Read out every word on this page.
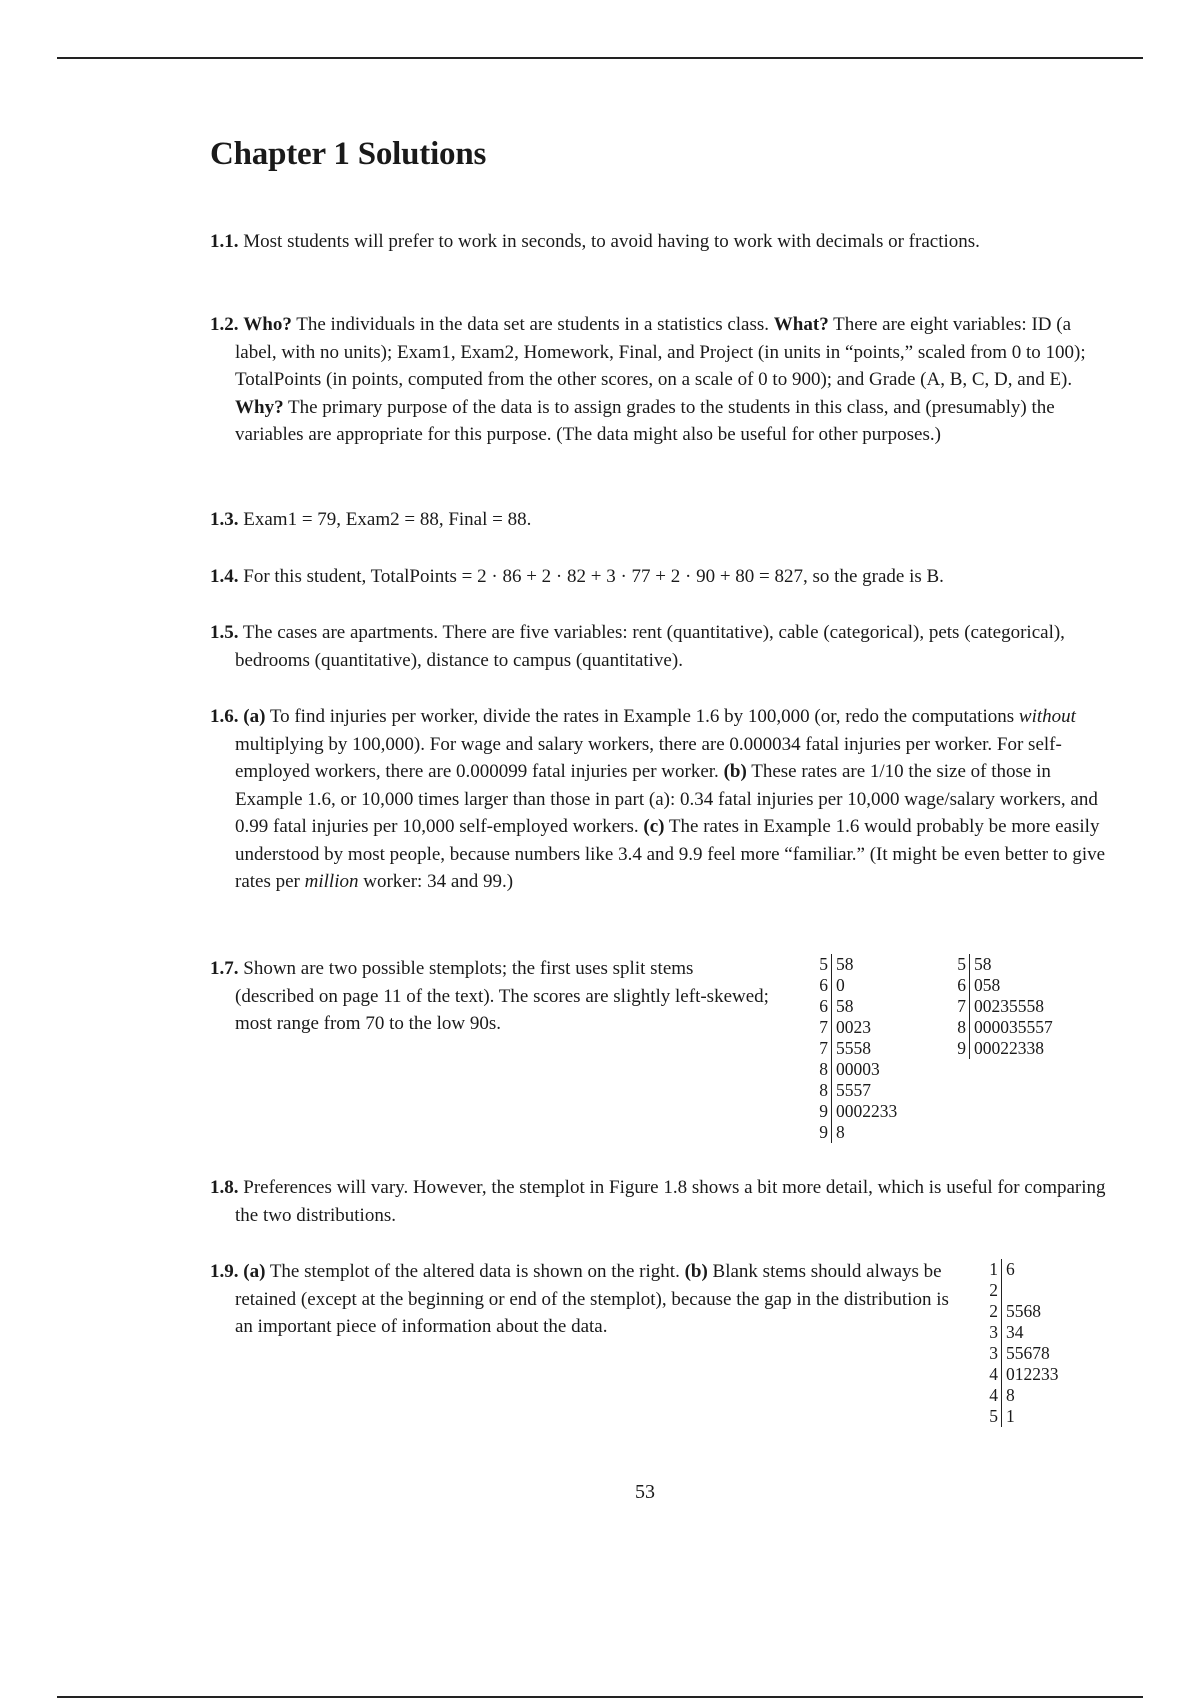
Chapter 1 Solutions

1.1. Most students will prefer to work in seconds, to avoid having to work with decimals or fractions.

1.2. Who? The individuals in the data set are students in a statistics class. What? There are eight variables: ID (a label, with no units); Exam1, Exam2, Homework, Final, and Project (in units in “points,” scaled from 0 to 100); TotalPoints (in points, computed from the other scores, on a scale of 0 to 900); and Grade (A, B, C, D, and E). Why? The primary purpose of the data is to assign grades to the students in this class, and (presumably) the variables are appropriate for this purpose. (The data might also be useful for other purposes.)

1.3. Exam1 = 79, Exam2 = 88, Final = 88.

1.4. For this student, TotalPoints = 2 · 86 + 2 · 82 + 3 · 77 + 2 · 90 + 80 = 827, so the grade is B.

1.5. The cases are apartments. There are five variables: rent (quantitative), cable (categorical), pets (categorical), bedrooms (quantitative), distance to campus (quantitative).

1.6. (a) To find injuries per worker, divide the rates in Example 1.6 by 100,000 (or, redo the computations without multiplying by 100,000). For wage and salary workers, there are 0.000034 fatal injuries per worker. For self-employed workers, there are 0.000099 fatal injuries per worker. (b) These rates are 1/10 the size of those in Example 1.6, or 10,000 times larger than those in part (a): 0.34 fatal injuries per 10,000 wage/salary workers, and 0.99 fatal injuries per 10,000 self-employed workers. (c) The rates in Example 1.6 would probably be more easily understood by most people, because numbers like 3.4 and 9.9 feel more “familiar.” (It might be even better to give rates per million worker: 34 and 99.)

1.7. Shown are two possible stemplots; the first uses split stems (described on page 11 of the text). The scores are slightly left-skewed; most range from 70 to the low 90s.

5 58
6 0
6 58
7 0023
7 5558
8 00003
8 5557
9 0002233
9 8
5 58
6 058
7 00235558
8 000035557
9 00022338

1.8. Preferences will vary. However, the stemplot in Figure 1.8 shows a bit more detail, which is useful for comparing the two distributions.

1.9. (a) The stemplot of the altered data is shown on the right. (b) Blank stems should always be retained (except at the beginning or end of the stemplot), because the gap in the distribution is an important piece of information about the data.

1 6
2
2 5568
3 34
3 55678
4 012233
4 8
5 1
53
